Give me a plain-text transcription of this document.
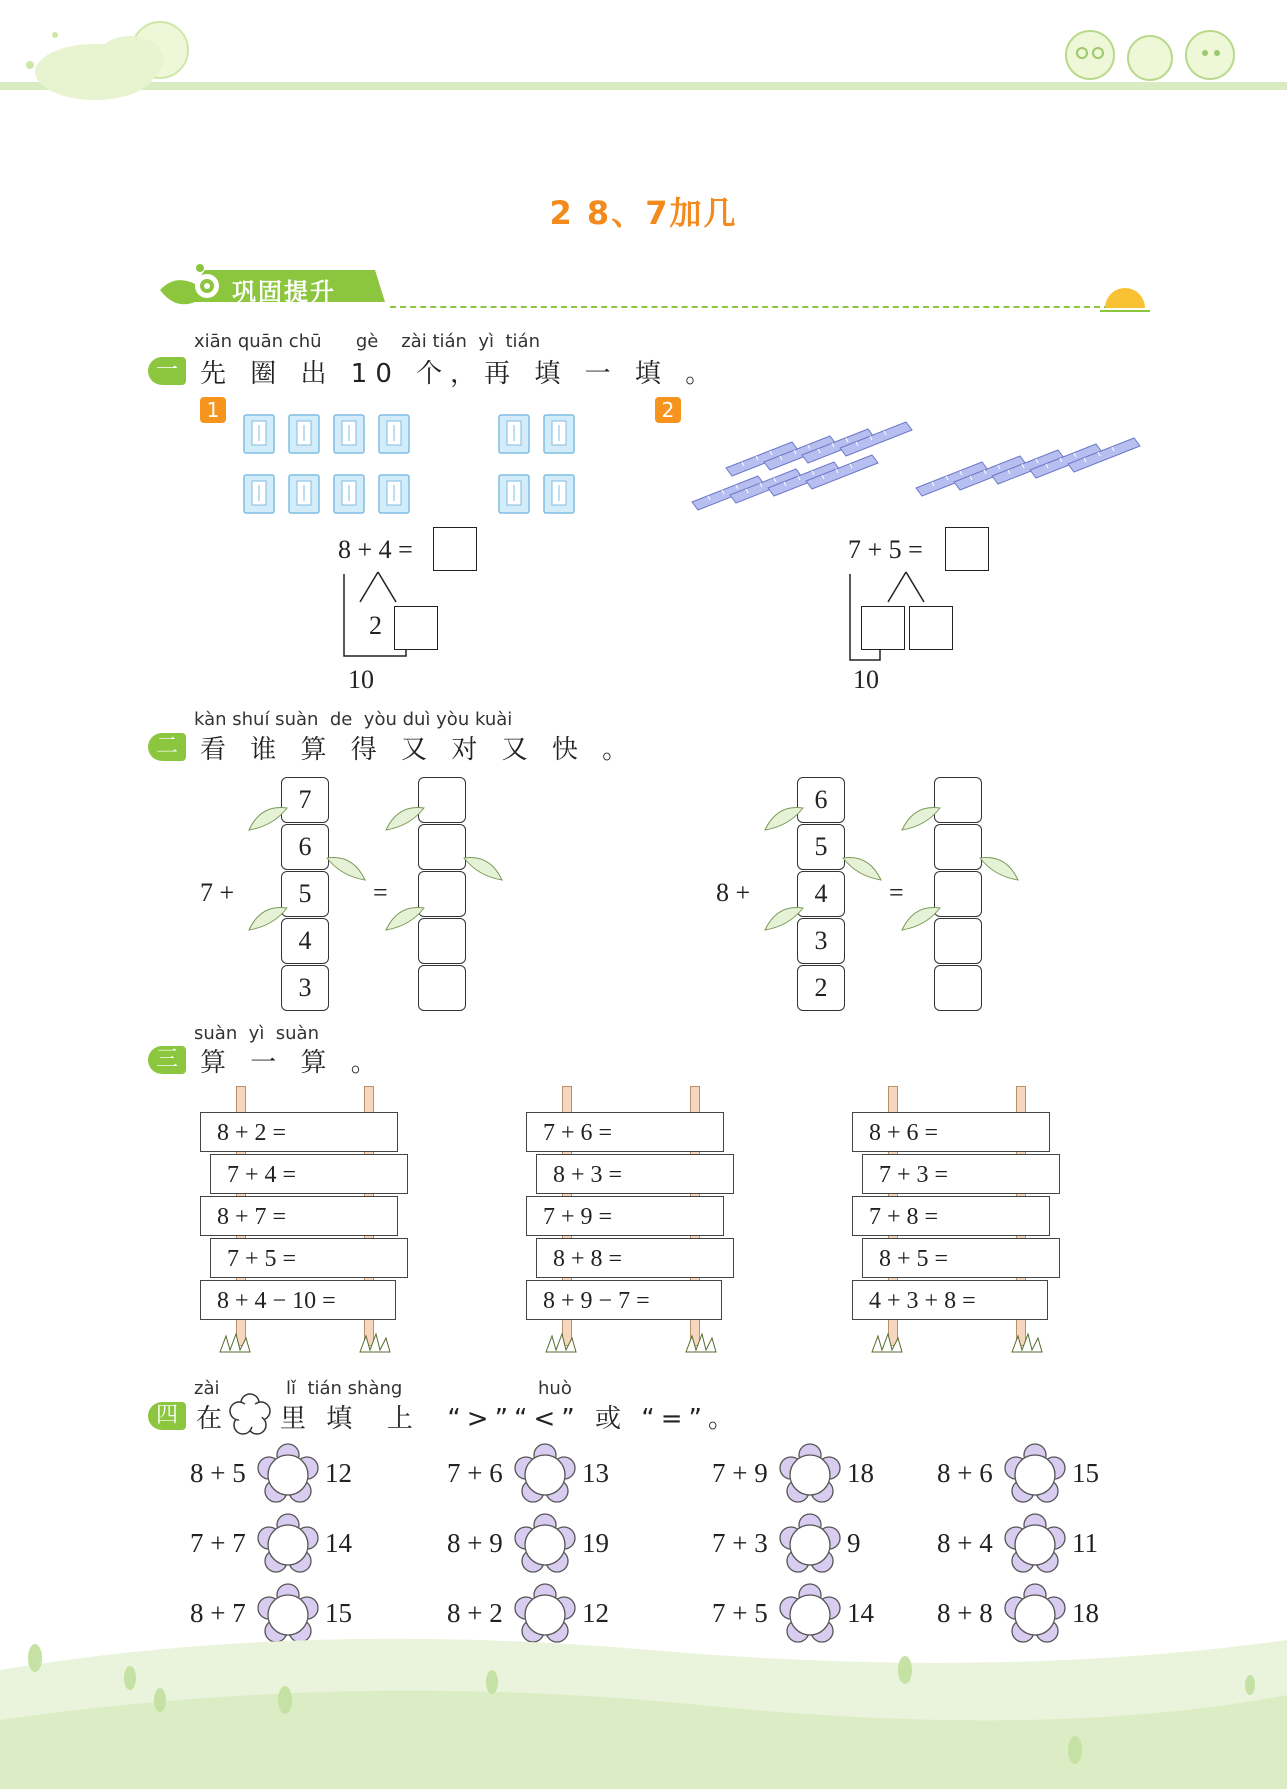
2 8、7加几
巩固提升
xiān quān chū      gè    zài tián  yì  tián
一 先 圈 出 10 个，再 填 一 填 。
1	2
8 + 4 =
2
10
7 + 5 =
10
kàn shuí suàn  de  yòu duì yòu kuài
二 看 谁 算 得 又 对 又 快 。
7 +	=	8 +	=
7
6
5
4
3
6
5
4
3
2
suàn  yì  suàn
三 算 一 算 。
8 + 2 =
7 + 4 =
8 + 7 =
7 + 5 =
8 + 4 − 10 =
7 + 6 =
8 + 3 =
7 + 9 =
8 + 8 =
8 + 9 − 7 =
8 + 6 =
7 + 3 =
7 + 8 =
8 + 5 =
4 + 3 + 8 =
zài	lǐ  tián shàng	huò
四 在 里 填  上  “>”“<” 或 “=”。
8 + 5	12	7 + 6	13	7 + 9	18 8 + 6	15
7 + 7	14	8 + 9	19	7 + 3	9	8 + 4	11
8 + 7	15	8 + 2	12	7 + 5	14 8 + 8	18
